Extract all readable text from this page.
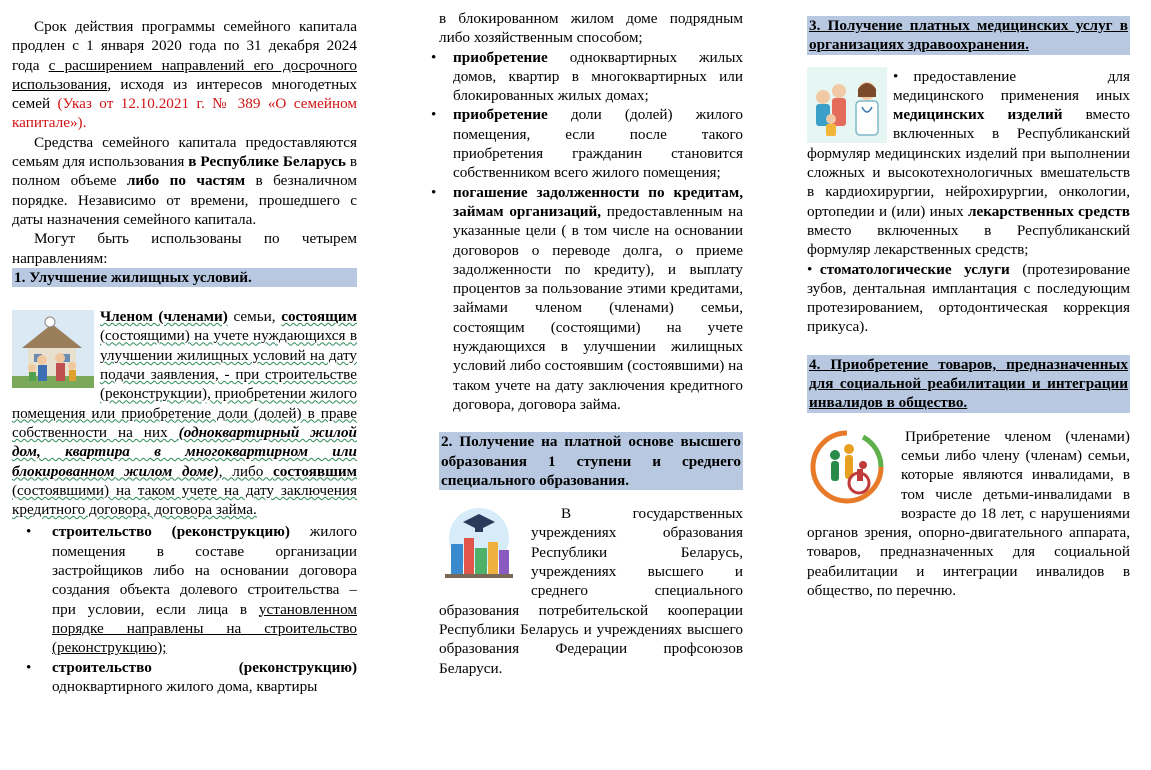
Срок действия программы семейного капитала продлен с 1 января 2020 года по 31 декабря 2024 года с расширением направлений его досрочного использования, исходя из интересов многодетных семей (Указ от 12.10.2021 г. № 389 «О семейном капитале»).

Средства семейного капитала предоставляются семьям для использования в Республике Беларусь в полном объеме либо по частям в безналичном порядке. Независимо от времени, прошедшего с даты назначения семейного капитала.

Могут быть использованы по четырем направлениям:

1. Улучшение жилищных условий.

Членом (членами) семьи, состоящим (состоящими) на учете нуждающихся в улучшении жилищных условий на дату подачи заявления, - при строительстве (реконструкции), приобретении жилого помещения или приобретение доли (долей) в праве собственности на них (одноквартирный жилой дом, квартира в многоквартирном или блокированном жилом доме), либо состоявшим (состоявшими) на таком учете на дату заключения кредитного договора, договора займа.

• строительство (реконструкцию) жилого помещения в составе организации застройщиков либо на основании договора создания объекта долевого строительства – при условии, если лица в установленном порядке направлены на строительство (реконструкцию);
• строительство (реконструкцию) одноквартирного жилого дома, квартиры

в блокированном жилом доме подрядным либо хозяйственным способом;

• приобретение одноквартирных жилых домов, квартир в многоквартирных или блокированных жилых домах;
• приобретение доли (долей) жилого помещения, если после такого приобретения гражданин становится собственником всего жилого помещения;
• погашение задолженности по кредитам, займам организаций, предоставленным на указанные цели ( в том числе на основании договоров о переводе долга, о приеме задолженности по кредиту), и выплату процентов за пользование этими кредитами, займами членом (членами) семьи, состоящим (состоящими) на учете нуждающихся в улучшении жилищных условий либо состоявшим (состоявшими) на таком учете на дату заключения кредитного договора, договора займа.
2. Получение на платной основе высшего образования 1 ступени и среднего специального образования.

В государственных учреждениях образования Республики Беларусь, учреждениях высшего и среднего специального образования потребительской кооперации Республики Беларусь и учреждениях высшего образования Федерации профсоюзов Беларуси.

3. Получение платных медицинских услуг в организациях здравоохранения.

• предоставление для медицинского применения иных медицинских изделий вместо включенных в Республиканский формуляр медицинских изделий при выполнении сложных и высокотехнологичных вмешательств в кардиохирургии, нейрохирургии, онкологии, ортопедии и (или) иных лекарственных средств вместо включенных в Республиканский формуляр лекарственных средств;

• стоматологические услуги (протезирование зубов, дентальная имплантация с последующим протезированием, ортодонтическая коррекция прикуса).

4. Приобретение товаров, предназначенных для социальной реабилитации и интеграции инвалидов в общество.

Прибретение членом (членами) семьи либо члену (членам) семьи, которые являются инвалидами, в том числе детьми-инвалидами в возрасте до 18 лет, с нарушениями органов зрения, опорно-двигательного аппарата, товаров, предназначенных для социальной реабилитации и интеграции инвалидов в общество, по перечню.
